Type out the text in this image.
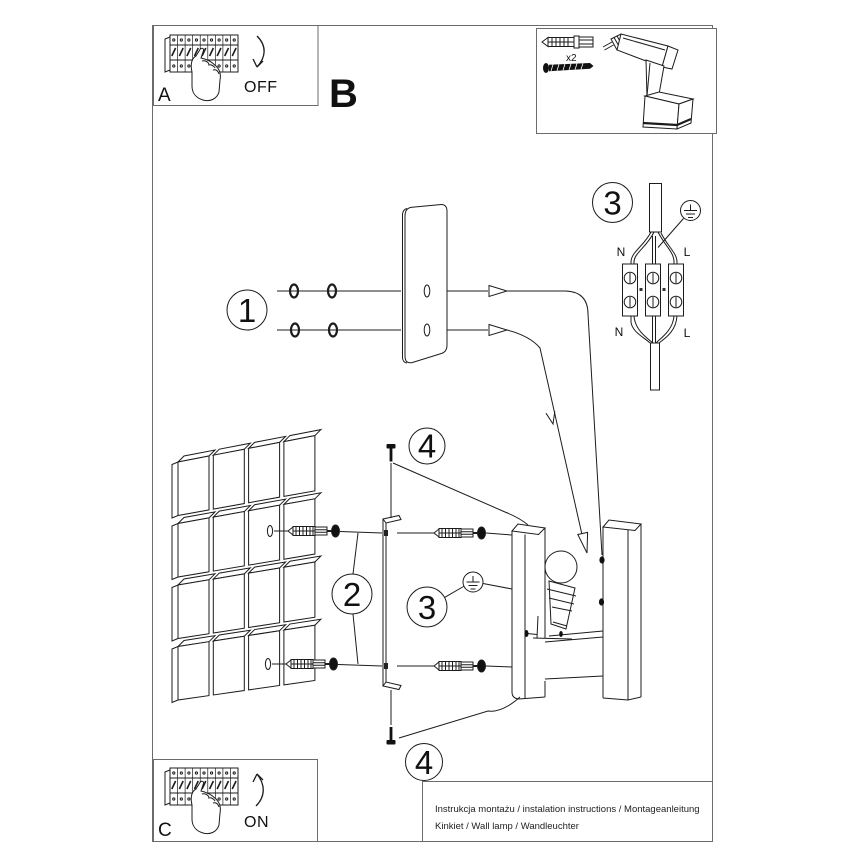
1
3
N	L
N	L
2
4
4
3
OFF
A	B
x2
ON
C
Instrukcja montażu / instalation instructions / Montageanleitung
Kinkiet / Wall lamp / Wandleuchter
